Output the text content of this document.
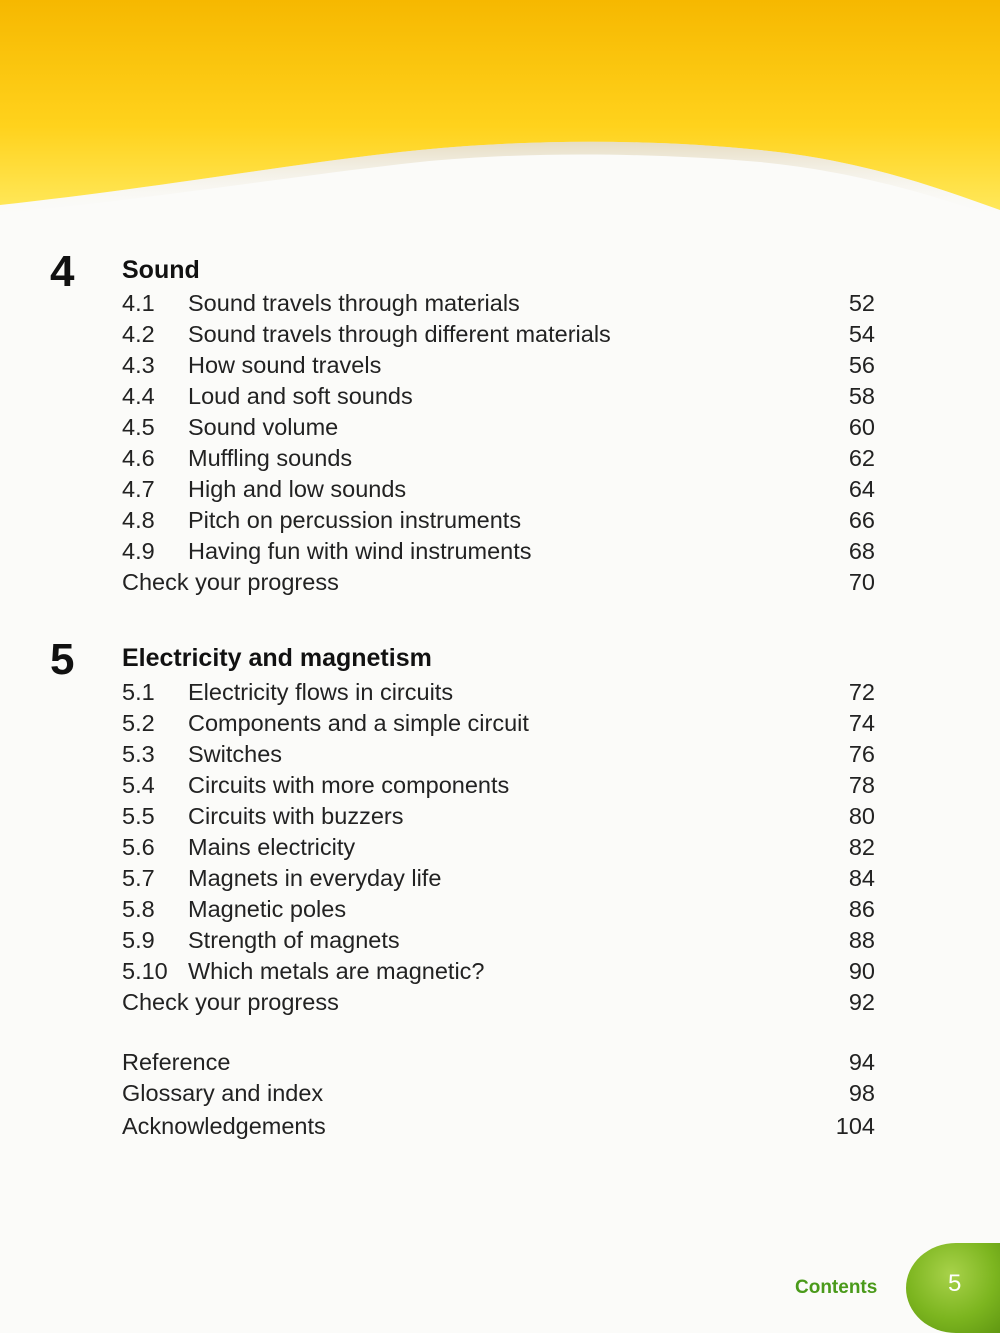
4 Sound
4.1 Sound travels through materials	52
4.2 Sound travels through different materials	54
4.3 How sound travels	56
4.4 Loud and soft sounds	58
4.5 Sound volume	60
4.6 Muffling sounds	62
4.7 High and low sounds	64
4.8 Pitch on percussion instruments	66
4.9 Having fun with wind instruments	68
Check your progress	70
5 Electricity and magnetism
5.1 Electricity flows in circuits	72
5.2 Components and a simple circuit	74
5.3 Switches	76
5.4 Circuits with more components	78
5.5 Circuits with buzzers	80
5.6 Mains electricity	82
5.7 Magnets in everyday life	84
5.8 Magnetic poles	86
5.9 Strength of magnets	88
5.10 Which metals are magnetic?	90
Check your progress	92
Reference	94
Glossary and index	98
Acknowledgements	104
Contents	5
